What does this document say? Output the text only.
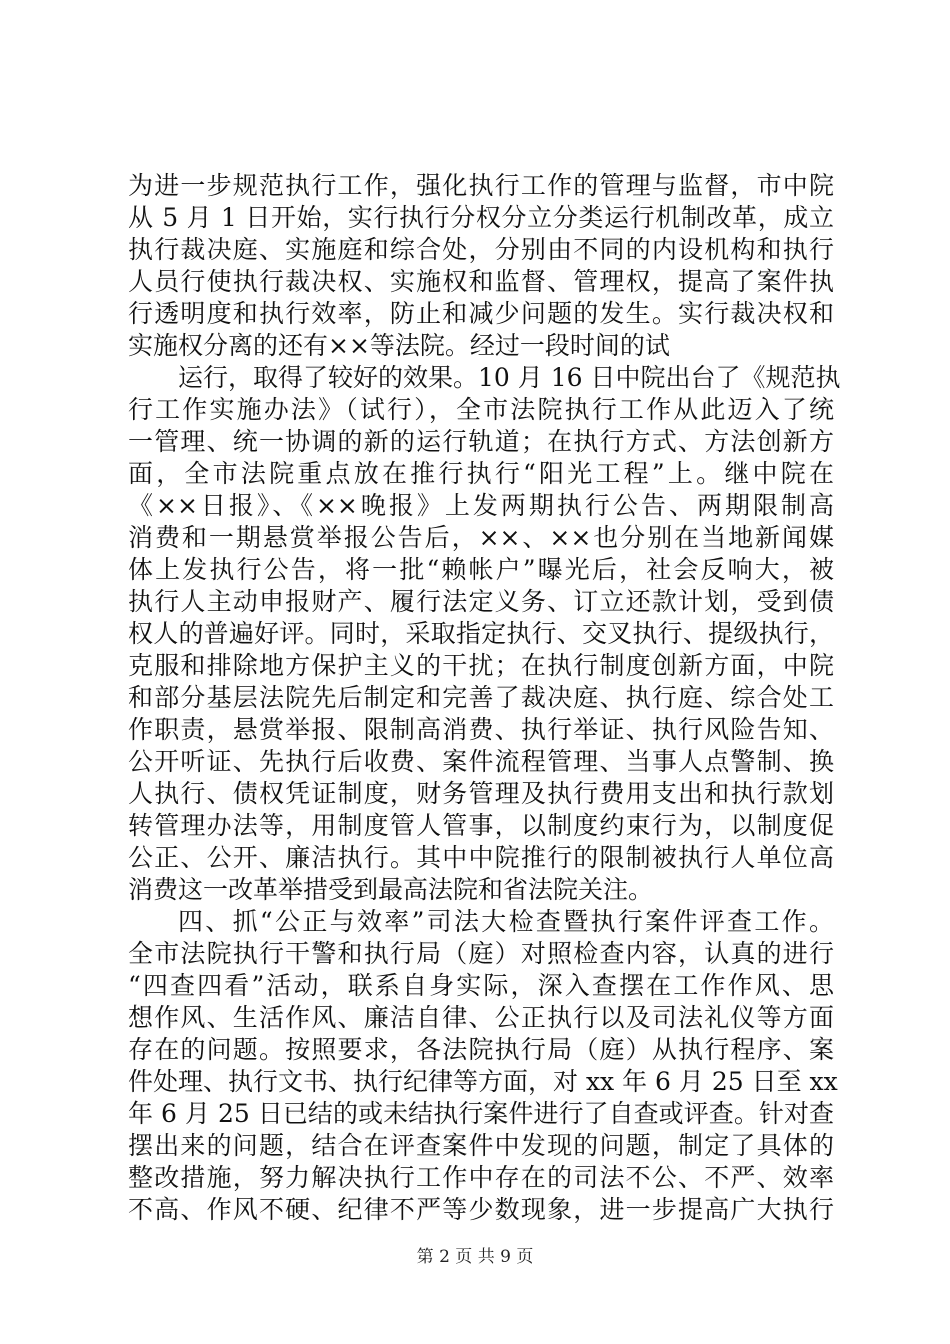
为进一步规范执行工作，强化执行工作的管理与监督，市中院
从 5 月 1 日开始，实行执行分权分立分类运行机制改革，成立
执行裁决庭、实施庭和综合处，分别由不同的内设机构和执行
人员行使执行裁决权、实施权和监督、管理权，提高了案件执
行透明度和执行效率，防止和减少问题的发生。实行裁决权和
实施权分离的还有××等法院。经过一段时间的试
运行，取得了较好的效果。10 月 16 日中院出台了《规范执
行工作实施办法》（试行），全市法院执行工作从此迈入了统
一管理、统一协调的新的运行轨道；在执行方式、方法创新方
面，全市法院重点放在推行执行“阳光工程”上。继中院在
《××日报》、《××晚报》上发两期执行公告、两期限制高
消费和一期悬赏举报公告后，××、××也分别在当地新闻媒
体上发执行公告，将一批“赖帐户”曝光后，社会反响大，被
执行人主动申报财产、履行法定义务、订立还款计划，受到债
权人的普遍好评。同时，采取指定执行、交叉执行、提级执行，
克服和排除地方保护主义的干扰；在执行制度创新方面，中院
和部分基层法院先后制定和完善了裁决庭、执行庭、综合处工
作职责，悬赏举报、限制高消费、执行举证、执行风险告知、
公开听证、先执行后收费、案件流程管理、当事人点警制、换
人执行、债权凭证制度，财务管理及执行费用支出和执行款划
转管理办法等，用制度管人管事，以制度约束行为，以制度促
公正、公开、廉洁执行。其中中院推行的限制被执行人单位高
消费这一改革举措受到最高法院和省法院关注。
四、抓“公正与效率”司法大检查暨执行案件评查工作。
全市法院执行干警和执行局（庭）对照检查内容，认真的进行
“四查四看”活动，联系自身实际，深入查摆在工作作风、思
想作风、生活作风、廉洁自律、公正执行以及司法礼仪等方面
存在的问题。按照要求，各法院执行局（庭）从执行程序、案
件处理、执行文书、执行纪律等方面，对 xx 年 6 月 25 日至 xx
年 6 月 25 日已结的或未结执行案件进行了自查或评查。针对查
摆出来的问题，结合在评查案件中发现的问题，制定了具体的
整改措施，努力解决执行工作中存在的司法不公、不严、效率
不高、作风不硬、纪律不严等少数现象，进一步提高广大执行
第 2 页 共 9 页
